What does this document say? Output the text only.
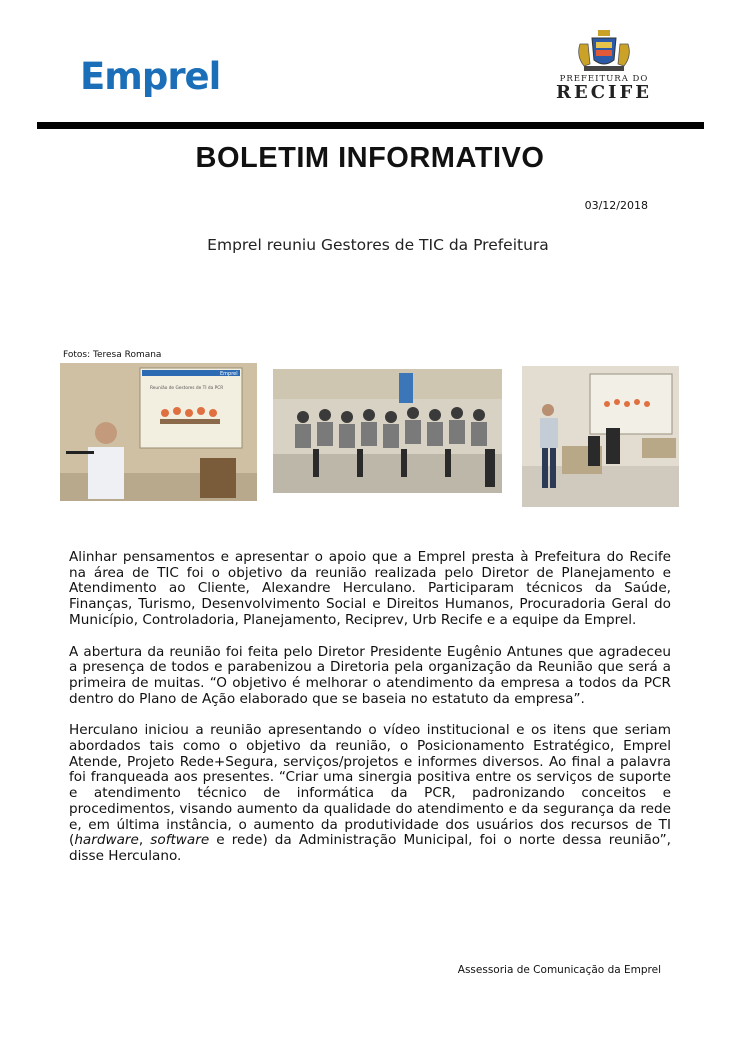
Emprel	PREFEITURA DO
RECIFE
BOLETIM INFORMATIVO
03/12/2018
Emprel reuniu Gestores de TIC da Prefeitura
Fotos: Teresa Romana
Emprel
Reunião de Gestores de TI da PCR

Alinhar pensamentos e apresentar o apoio que a Emprel presta à Prefeitura do Recife na área de TIC foi o objetivo da reunião realizada pelo Diretor de Planejamento e Atendimento ao Cliente, Alexandre Herculano. Participaram técnicos da Saúde, Finanças, Turismo, Desenvolvimento Social e Direitos Humanos, Procuradoria Geral do Município, Controladoria, Planejamento, Reciprev, Urb Recife e a equipe da Emprel.

A abertura da reunião foi feita pelo Diretor Presidente Eugênio Antunes que agradeceu a presença de todos e parabenizou a Diretoria pela organização da Reunião que será a primeira de muitas. “O objetivo é melhorar o atendimento da empresa a todos da PCR dentro do Plano de Ação elaborado que se baseia no estatuto da empresa”.

Herculano iniciou a reunião apresentando o vídeo institucional e os itens que seriam abordados tais como o objetivo da reunião, o Posicionamento Estratégico, Emprel Atende, Projeto Rede+Segura, serviços/projetos e informes diversos. Ao final a palavra foi franqueada aos presentes. “Criar uma sinergia positiva entre os serviços de suporte e atendimento técnico de informática da PCR, padronizando conceitos e procedimentos, visando aumento da qualidade do atendimento e da segurança da rede e, em última instância, o aumento da produtividade dos usuários dos recursos de TI (hardware, software e rede) da Administração Municipal, foi o norte dessa reunião”, disse Herculano.

Assessoria de Comunicação da Emprel
